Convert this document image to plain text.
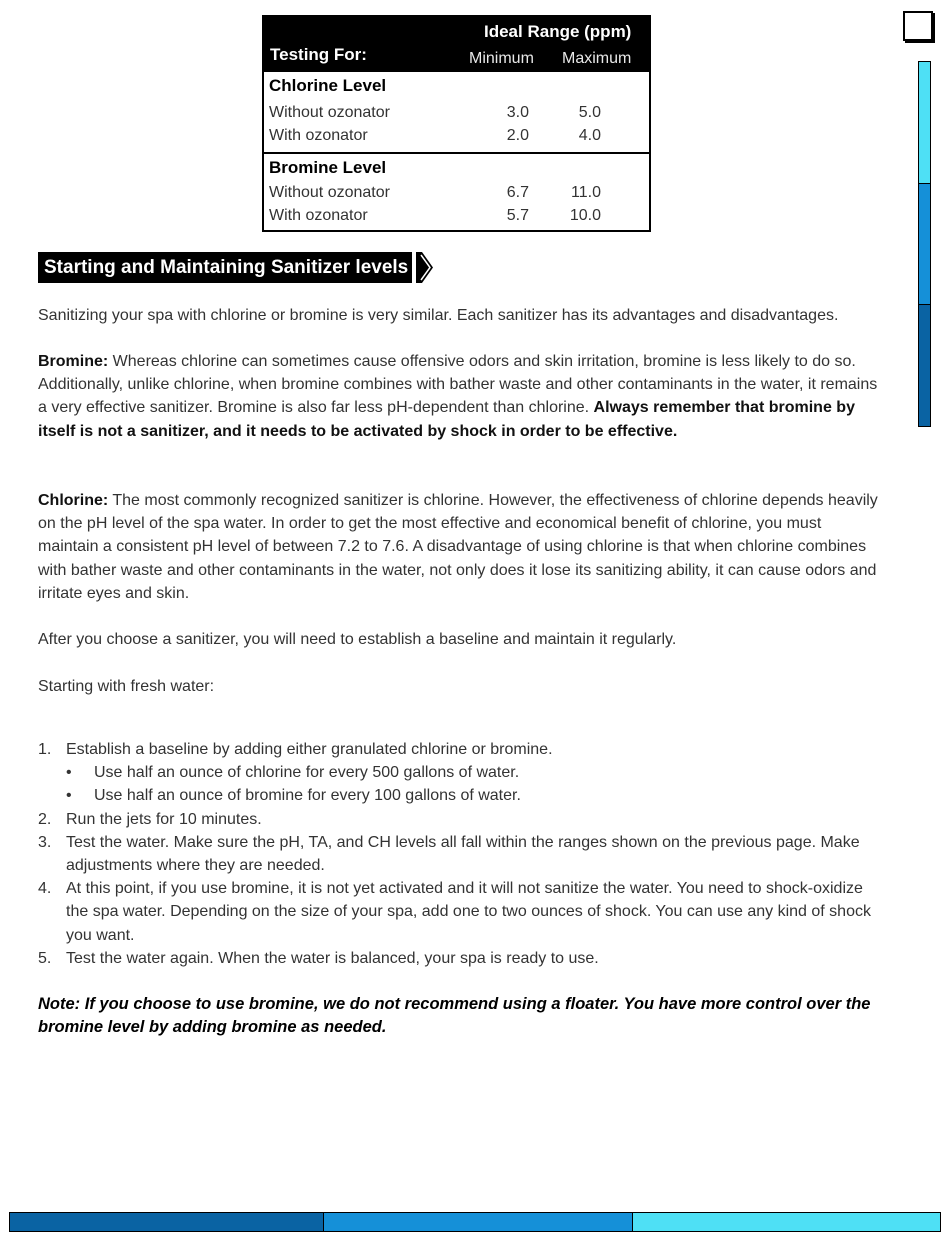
Ideal Range (ppm)
Testing For:	Minimum Maximum
Chlorine Level
Without ozonator	3.0	5.0
With ozonator	2.0	4.0
Bromine Level
Without ozonator	6.7	11.0
With ozonator	5.7	10.0
Starting and Maintaining Sanitizer levels

Sanitizing your spa with chlorine or bromine is very similar. Each sanitizer has its advantages and disadvantages.

Bromine: Whereas chlorine can sometimes cause offensive odors and skin irritation, bromine is less likely to do so. Additionally, unlike chlorine, when bromine combines with bather waste and other contaminants in the water, it remains a very effective sanitizer. Bromine is also far less pH-dependent than chlorine. Always remember that bromine by itself is not a sanitizer, and it needs to be activated by shock in order to be effective.

Chlorine: The most commonly recognized sanitizer is chlorine. However, the effectiveness of chlorine depends heavily on the pH level of the spa water. In order to get the most effective and economical benefit of chlorine, you must maintain a consistent pH level of between 7.2 to 7.6. A disadvantage of using chlorine is that when chlorine combines with bather waste and other contaminants in the water, not only does it lose its sanitizing ability, it can cause odors and irritate eyes and skin.

After you choose a sanitizer, you will need to establish a baseline and maintain it regularly.

Starting with fresh water:

1. Establish a baseline by adding either granulated chlorine or bromine.
• Use half an ounce of chlorine for every 500 gallons of water.
• Use half an ounce of bromine for every 100 gallons of water.
2. Run the jets for 10 minutes.
3. Test the water. Make sure the pH, TA, and CH levels all fall within the ranges shown on the previous page. Make adjustments where they are needed.
4. At this point, if you use bromine, it is not yet activated and it will not sanitize the water. You need to shock-oxidize the spa water. Depending on the size of your spa, add one to two ounces of shock. You can use any kind of shock you want.
5. Test the water again. When the water is balanced, your spa is ready to use.

Note: If you choose to use bromine, we do not recommend using a floater. You have more control over the bromine level by adding bromine as needed.
